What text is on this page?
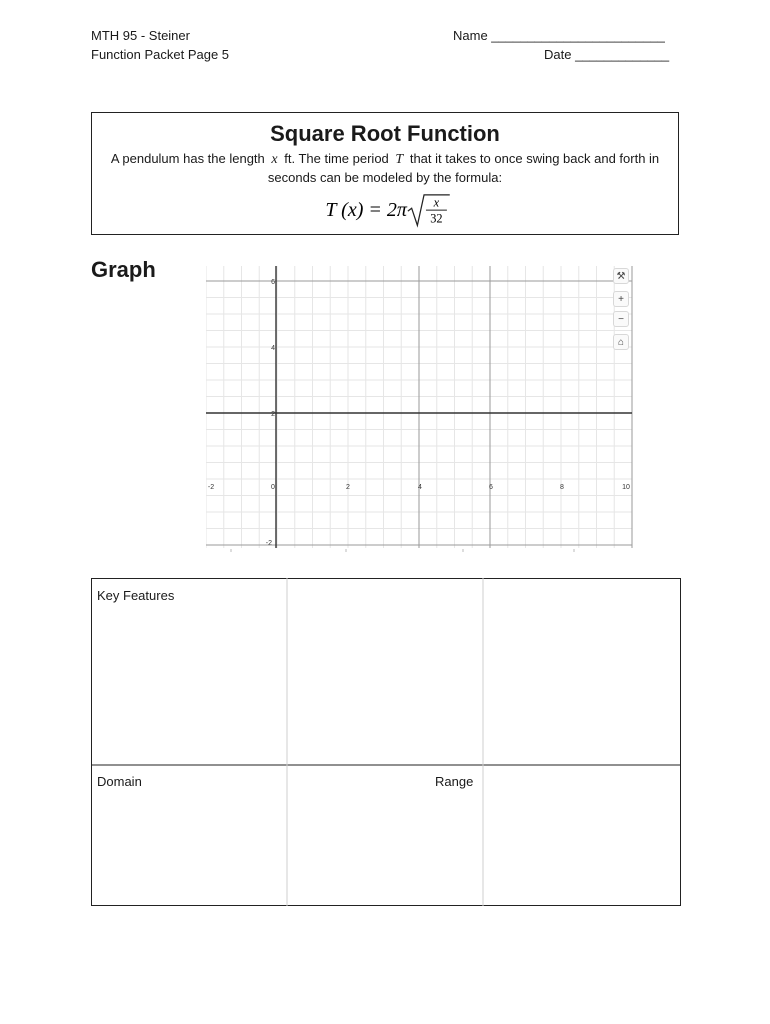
MTH 95 - Steiner
Function Packet Page 5
Name ________________________
Date _____________
Square Root Function
A pendulum has the length x ft. The time period T that it takes to once swing back and forth in seconds can be modeled by the formula:
T (x) = 2π x
32
Graph
-2	0	2	4	6	8	10
-2
2
4
6
⚒
+
−
⌂
Key Features
Domain	Range
